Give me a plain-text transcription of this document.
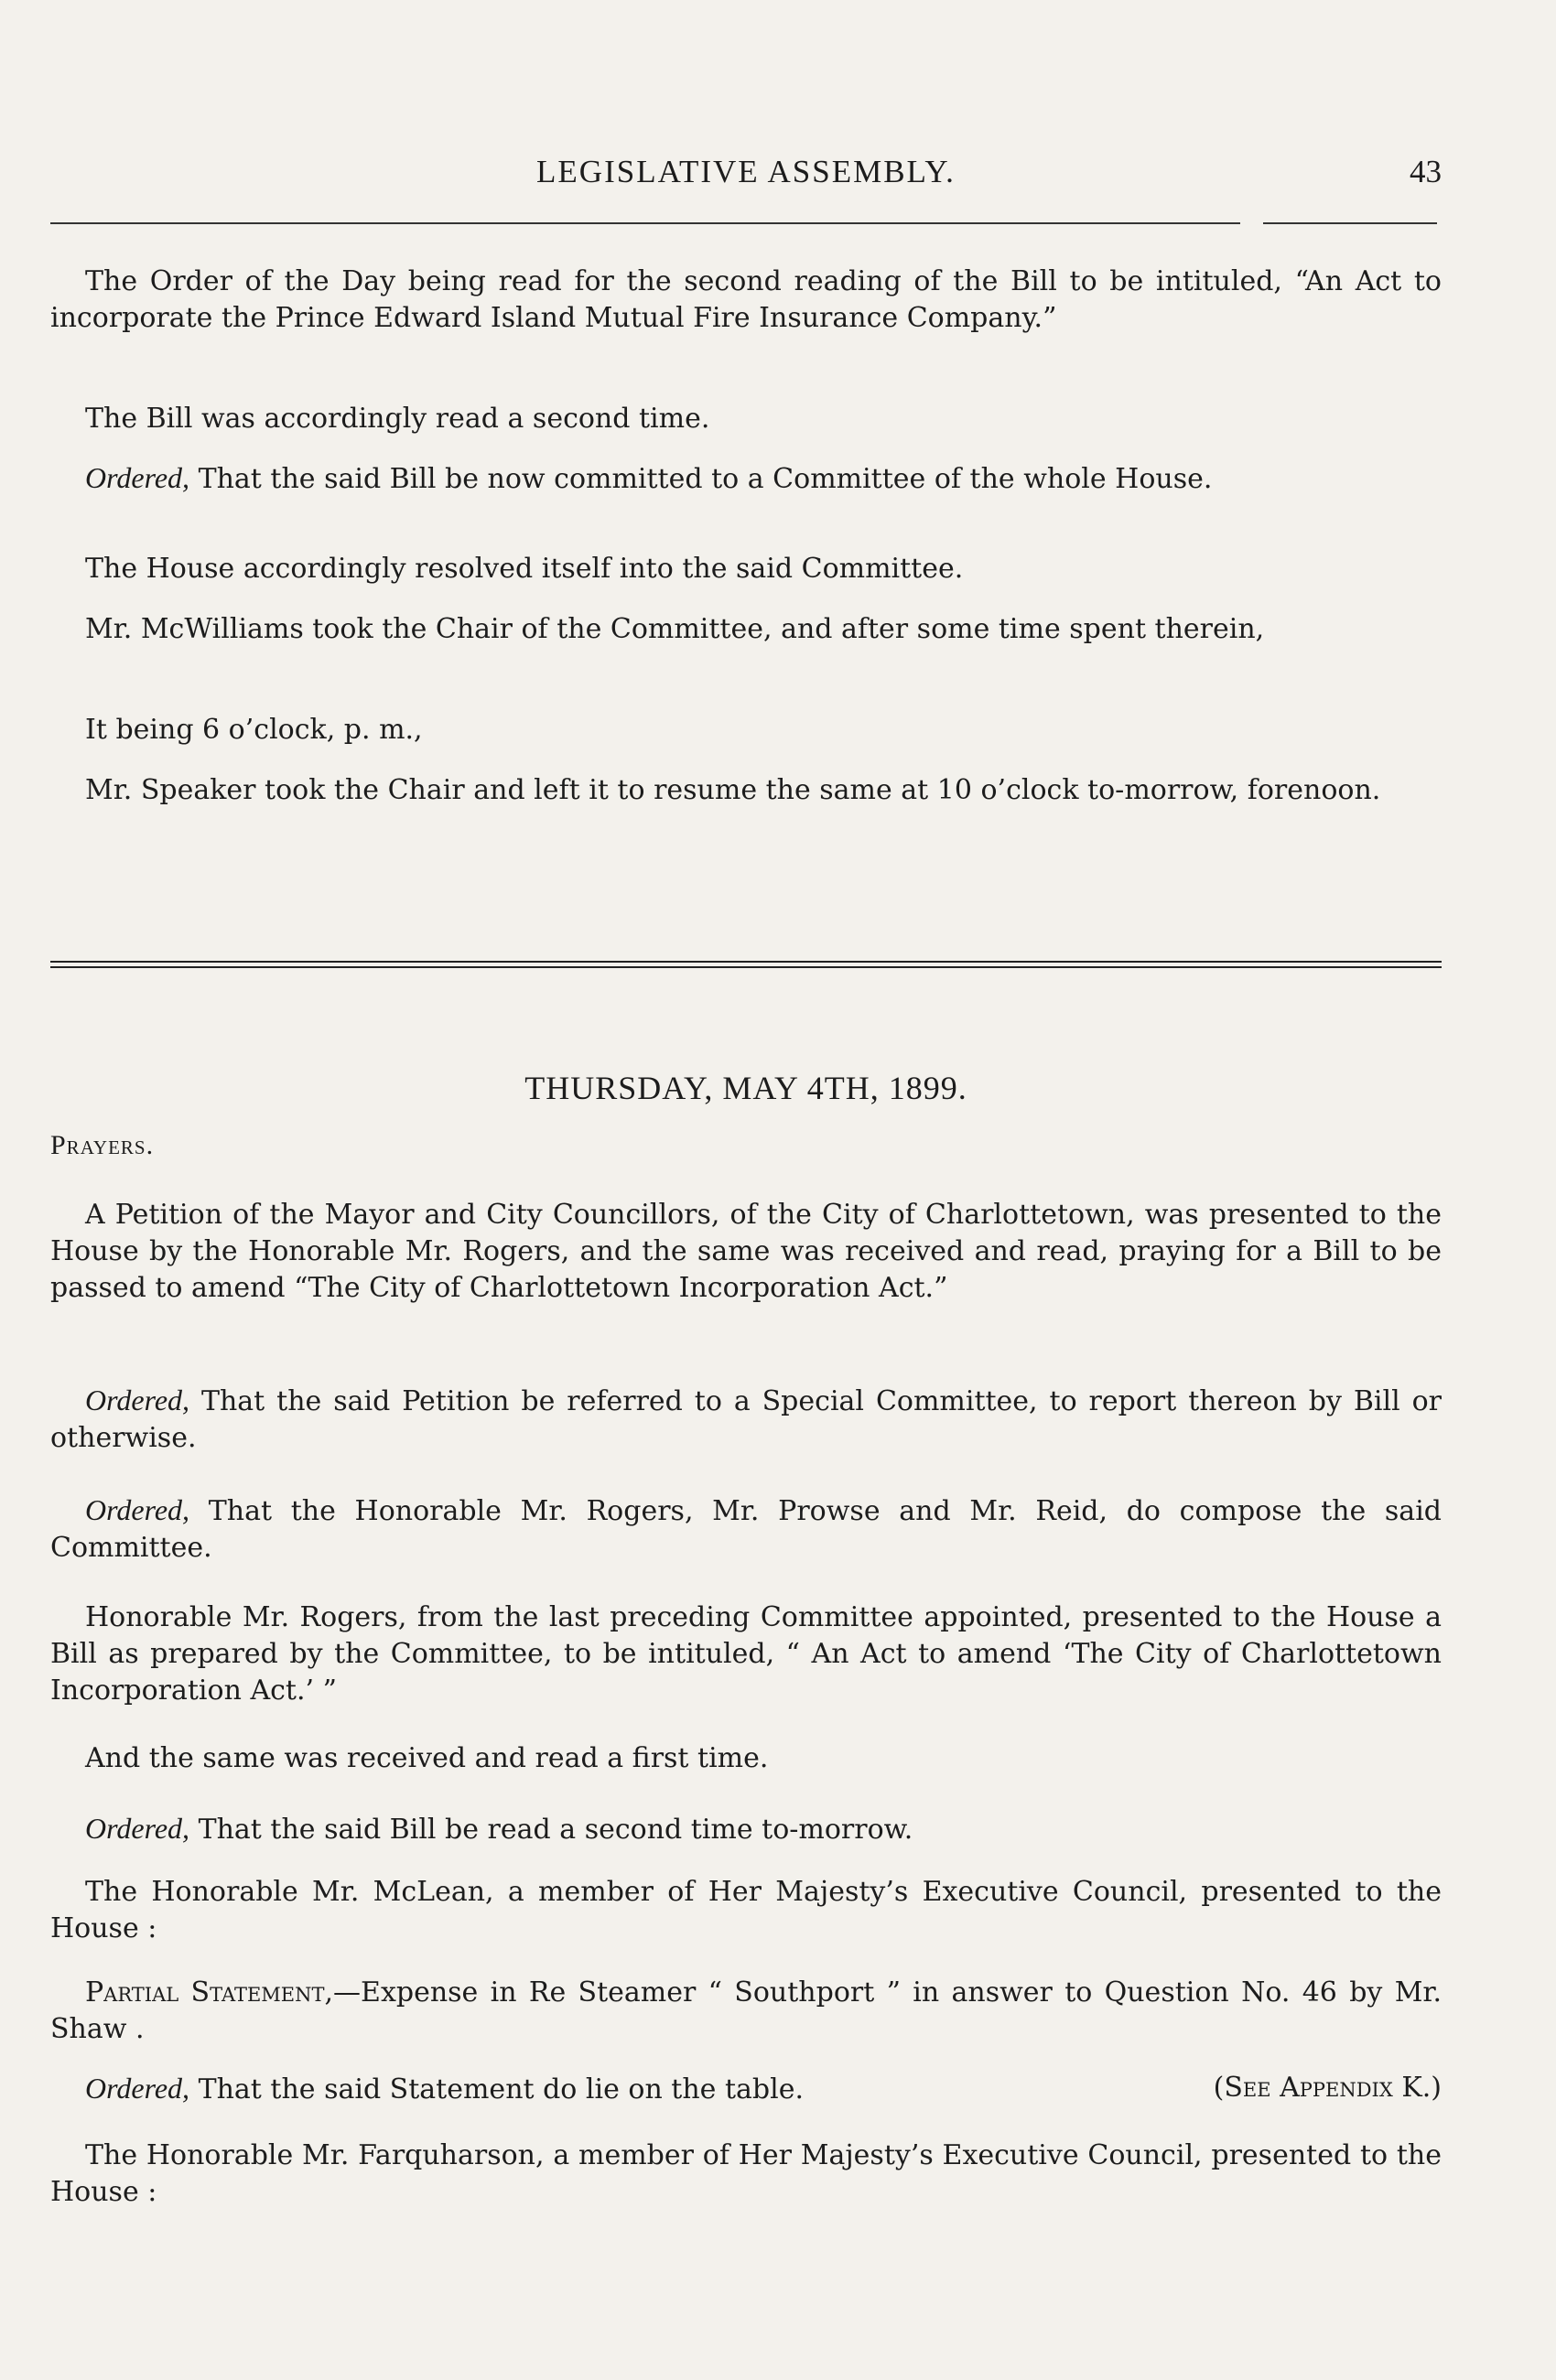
LEGISLATIVE ASSEMBLY.	43

The Order of the Day being read for the second reading of the Bill to be intituled, “An Act to incorporate the Prince Edward Island Mutual Fire Insurance Company.”

The Bill was accordingly read a second time.

Ordered, That the said Bill be now committed to a Committee of the whole House.

The House accordingly resolved itself into the said Committee.

Mr. McWilliams took the Chair of the Committee, and after some time spent therein,

It being 6 o’clock, p. m.,

Mr. Speaker took the Chair and left it to resume the same at 10 o’clock to-morrow, forenoon.

THURSDAY, MAY 4TH, 1899.
Prayers.

A Petition of the Mayor and City Councillors, of the City of Charlottetown, was presented to the House by the Honorable Mr. Rogers, and the same was received and read, praying for a Bill to be passed to amend “The City of Charlottetown Incorporation Act.”

Ordered, That the said Petition be referred to a Special Committee, to report thereon by Bill or otherwise.

Ordered, That the Honorable Mr. Rogers, Mr. Prowse and Mr. Reid, do compose the said Committee.

Honorable Mr. Rogers, from the last preceding Committee appointed, presented to the House a Bill as prepared by the Committee, to be intituled, “ An Act to amend ‘The City of Charlottetown Incorporation Act.’ ”

And the same was received and read a first time.

Ordered, That the said Bill be read a second time to-morrow.

The Honorable Mr. McLean, a member of Her Majesty’s Executive Council, presented to the House :

Partial Statement,—Expense in Re Steamer “ Southport ” in answer to Question No. 46 by Mr. Shaw .

Ordered, That the said Statement do lie on the table.	(See Appendix K.)

The Honorable Mr. Farquharson, a member of Her Majesty’s Executive Council, presented to the House :
